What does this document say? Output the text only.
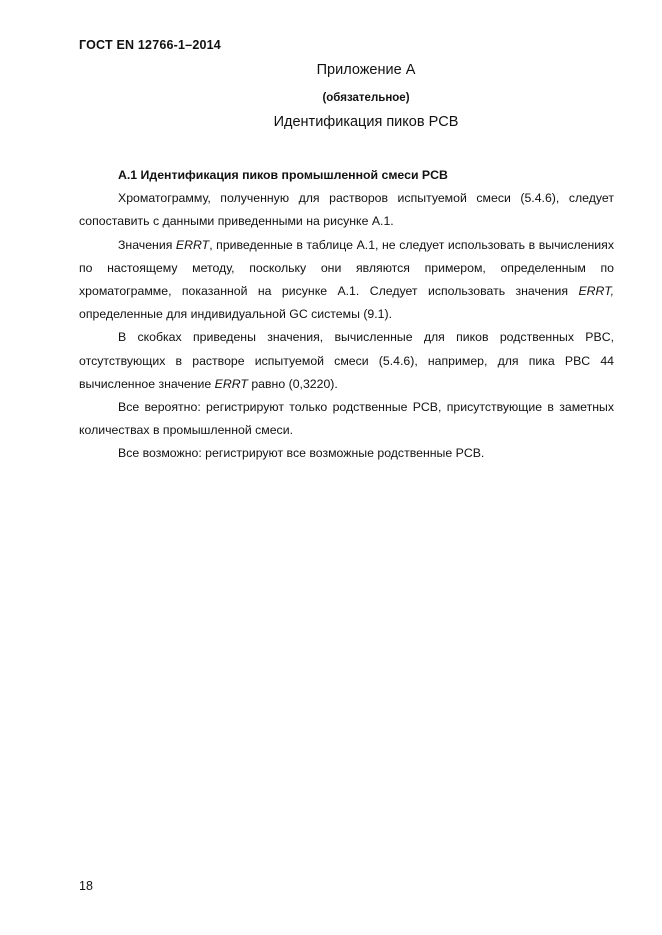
ГОСТ EN 12766-1–2014
Приложение А
(обязательное)
Идентификация пиков PCB

А.1 Идентификация пиков промышленной смеси PCB

Хроматограмму, полученную для растворов испытуемой смеси (5.4.6), следует сопоставить с данными приведенными на рисунке А.1.

Значения ERRT, приведенные в таблице А.1, не следует использовать в вычислениях по настоящему методу, поскольку они являются примером, определенным по хроматограмме, показанной на рисунке А.1. Следует использовать значения ERRT, определенные для индивидуальной GC системы (9.1).

В скобках приведены значения, вычисленные для пиков родственных PBC, отсутствующих в растворе испытуемой смеси (5.4.6), например, для пика PBC 44 вычисленное значение ERRT равно (0,3220).

Все вероятно: регистрируют только родственные PCB, присутствующие в заметных количествах в промышленной смеси.

Все возможно: регистрируют все возможные родственные PCB.

18
